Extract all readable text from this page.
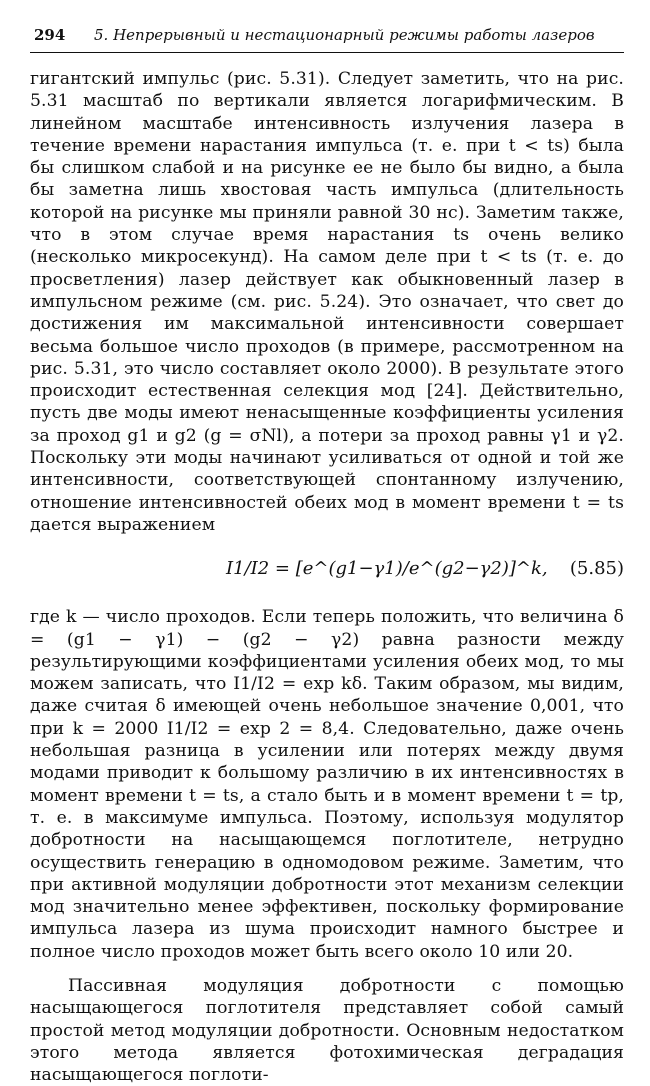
294 5. Непрерывный и нестационарный режимы работы лазеров

гигантский импульс (рис. 5.31). Следует заметить, что на рис. 5.31 масштаб по вертикали является логарифмическим. В линейном масштабе интенсивность излучения лазера в течение времени нарастания импульса (т. е. при t < ts) была бы слишком слабой и на рисунке ее не было бы видно, а была бы заметна лишь хвостовая часть импульса (длительность которой на рисунке мы приняли равной 30 нс). Заметим также, что в этом случае время нарастания ts очень велико (несколько микросекунд). На самом деле при t < ts (т. е. до просветления) лазер действует как обыкновенный лазер в импульсном режиме (см. рис. 5.24). Это означает, что свет до достижения им максимальной интенсивности совершает весьма большое число проходов (в примере, рассмотренном на рис. 5.31, это число составляет около 2000). В результате этого происходит естественная селекция мод [24]. Действительно, пусть две моды имеют ненасыщенные коэффициенты усиления за проход g1 и g2 (g = σNl), а потери за проход равны γ1 и γ2. Поскольку эти моды начинают усиливаться от одной и той же интенсивности, соответствующей спонтанному излучению, отношение интенсивностей обеих мод в момент времени t = ts дается выражением

I1/I2 = [e^(g1−γ1)/e^(g2−γ2)]^k, (5.85)

где k — число проходов. Если теперь положить, что величина δ = (g1 − γ1) − (g2 − γ2) равна разности между результирующими коэффициентами усиления обеих мод, то мы можем записать, что I1/I2 = exp kδ. Таким образом, мы видим, даже считая δ имеющей очень небольшое значение 0,001, что при k = 2000 I1/I2 = exp 2 = 8,4. Следовательно, даже очень небольшая разница в усилении или потерях между двумя модами приводит к большому различию в их интенсивностях в момент времени t = ts, а стало быть и в момент времени t = tp, т. е. в максимуме импульса. Поэтому, используя модулятор добротности на насыщающемся поглотителе, нетрудно осуществить генерацию в одномодовом режиме. Заметим, что при активной модуляции добротности этот механизм селекции мод значительно менее эффективен, поскольку формирование импульса лазера из шума происходит намного быстрее и полное число проходов может быть всего около 10 или 20.

Пассивная модуляция добротности с помощью насыщающегося поглотителя представляет собой самый простой метод модуляции добротности. Основным недостатком этого метода является фотохимическая деградация насыщающегося поглоти-
